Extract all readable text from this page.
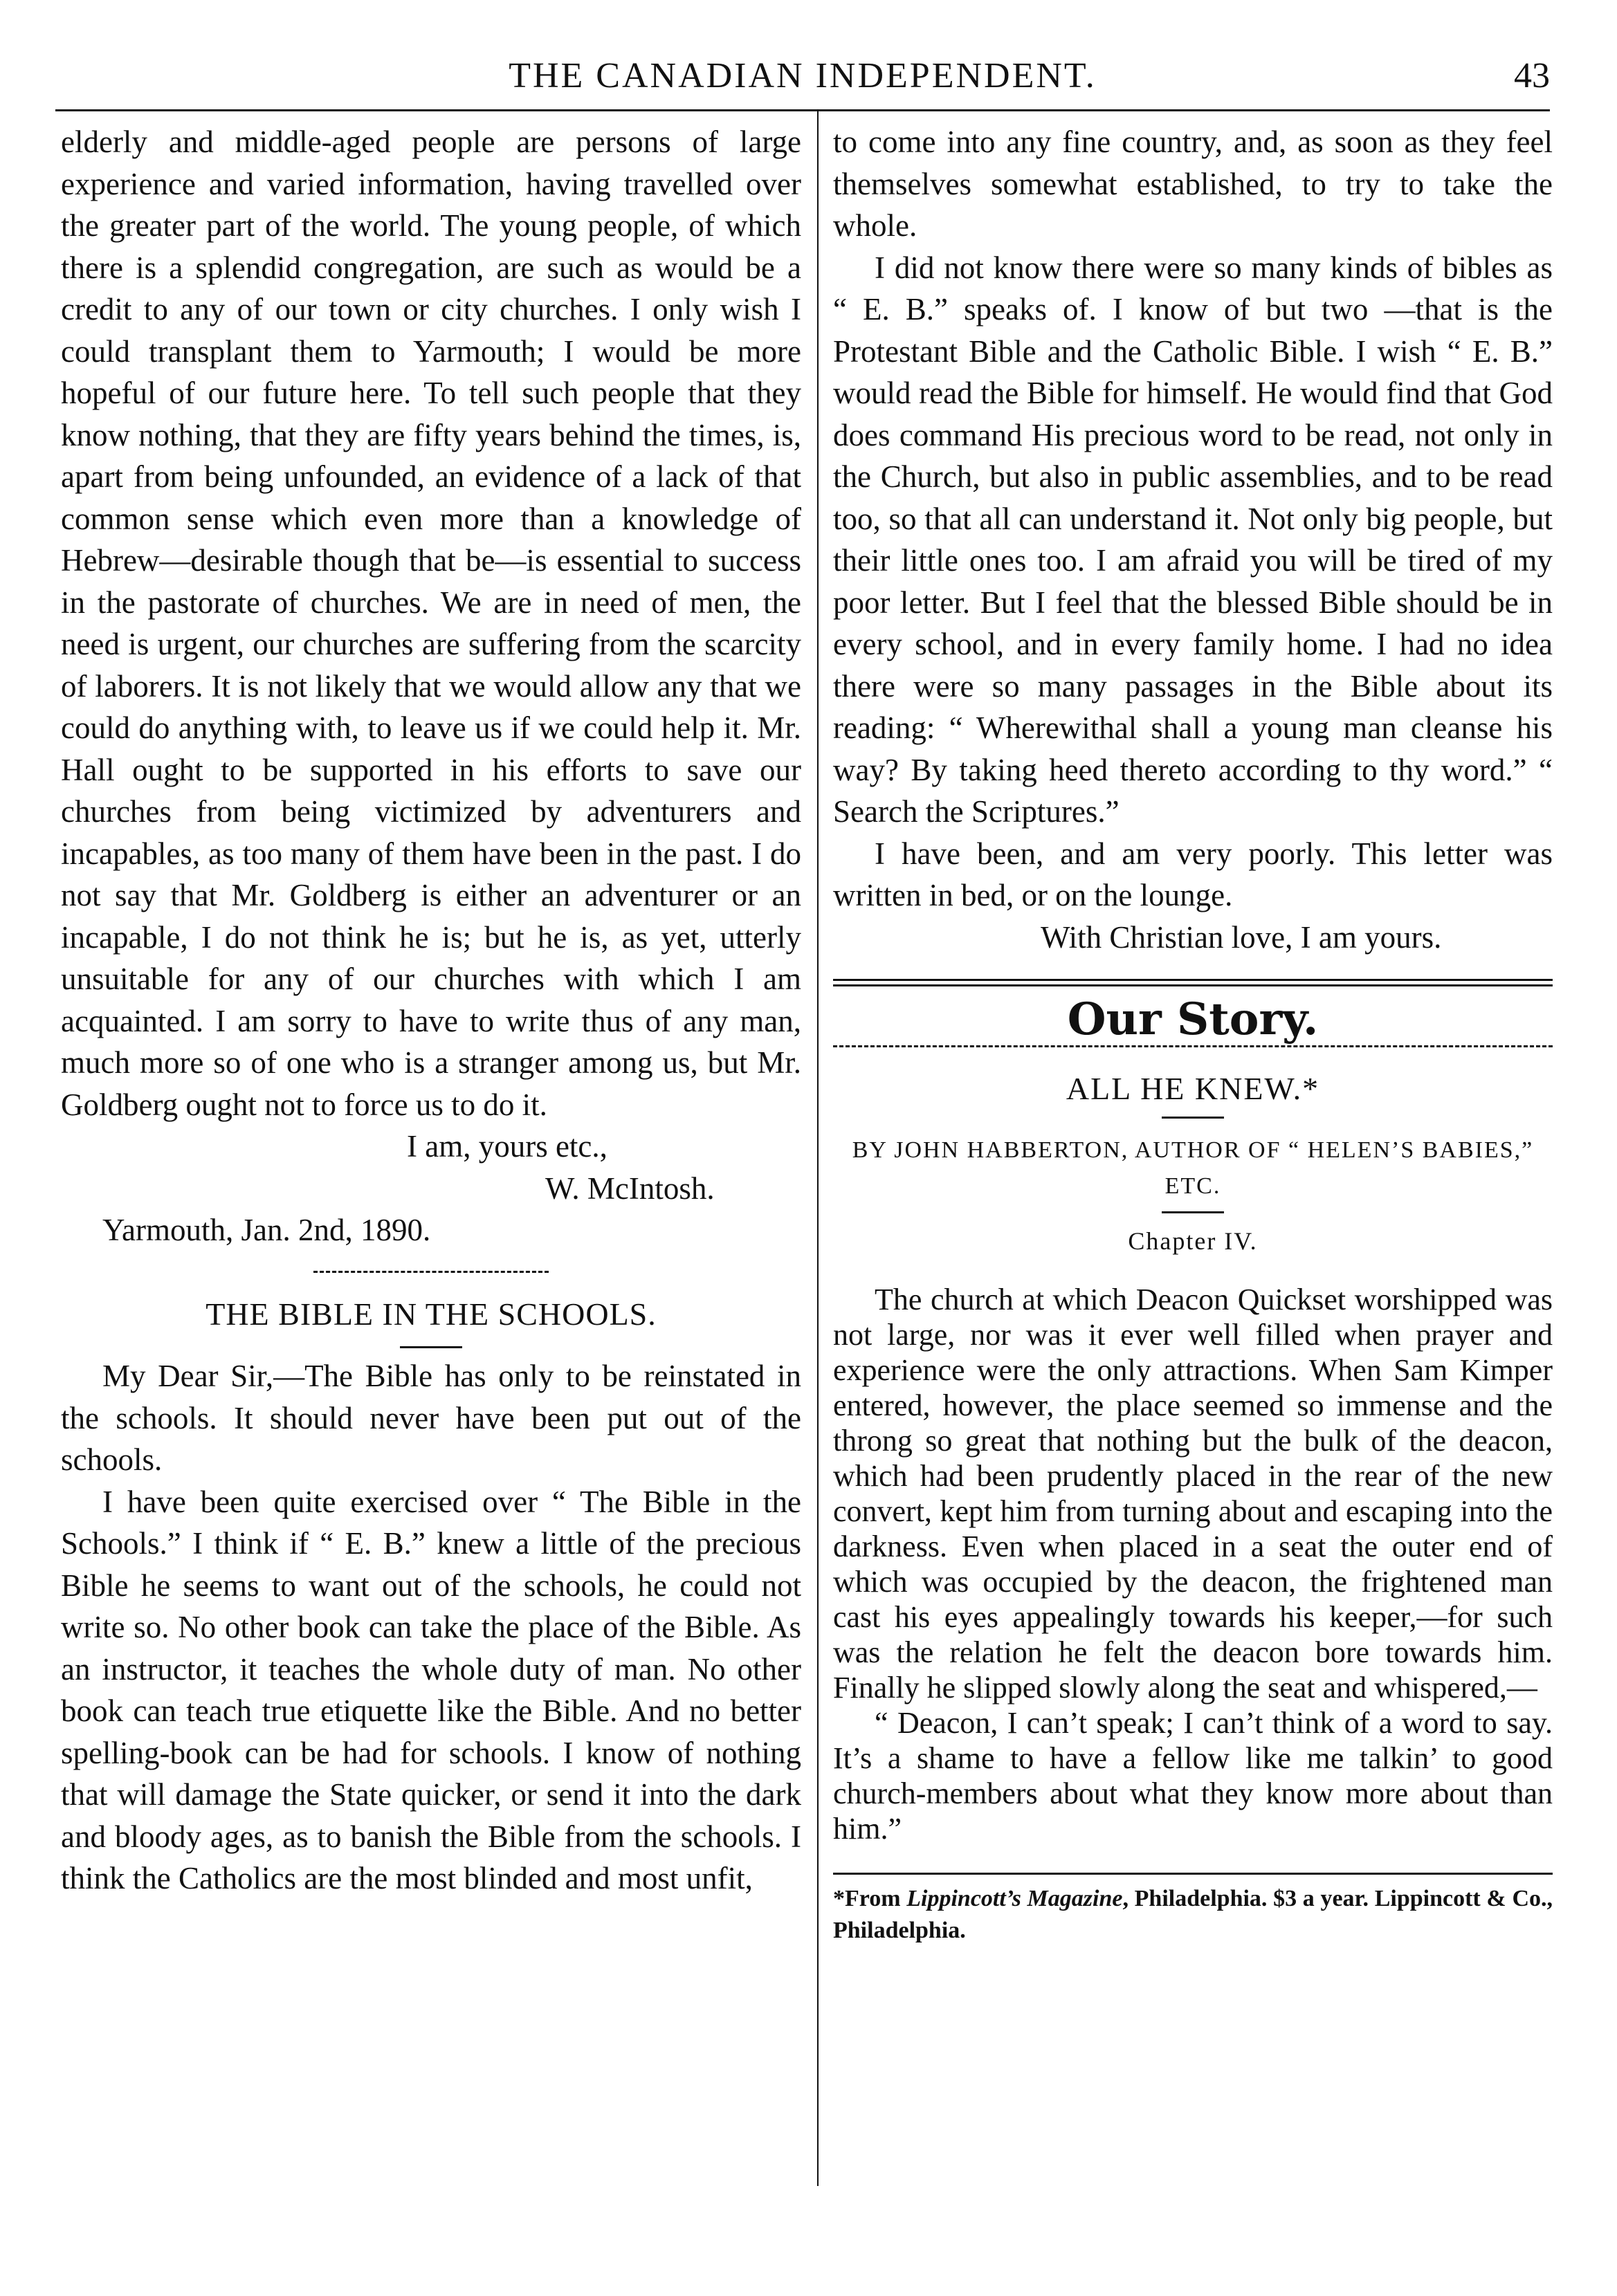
THE CANADIAN INDEPENDENT.	43

elderly and middle-aged people are persons of large experience and varied information, having travelled over the greater part of the world. The young people, of which there is a splendid congregation, are such as would be a credit to any of our town or city churches. I only wish I could transplant them to Yarmouth; I would be more hopeful of our future here. To tell such people that they know nothing, that they are fifty years behind the times, is, apart from being unfounded, an evidence of a lack of that common sense which even more than a knowledge of Hebrew—desirable though that be—is essential to success in the pastorate of churches. We are in need of men, the need is urgent, our churches are suffering from the scarcity of laborers. It is not likely that we would allow any that we could do anything with, to leave us if we could help it. Mr. Hall ought to be supported in his efforts to save our churches from being victimized by adventurers and incapables, as too many of them have been in the past. I do not say that Mr. Goldberg is either an adventurer or an incapable, I do not think he is; but he is, as yet, utterly unsuitable for any of our churches with which I am acquainted. I am sorry to have to write thus of any man, much more so of one who is a stranger among us, but Mr. Goldberg ought not to force us to do it.

I am, yours etc.,

W. McIntosh.

Yarmouth, Jan. 2nd, 1890.

THE BIBLE IN THE SCHOOLS.

My Dear Sir,—The Bible has only to be reinstated in the schools. It should never have been put out of the schools.

I have been quite exercised over “ The Bible in the Schools.” I think if “ E. B.” knew a little of the precious Bible he seems to want out of the schools, he could not write so. No other book can take the place of the Bible. As an instructor, it teaches the whole duty of man. No other book can teach true etiquette like the Bible. And no better spelling-book can be had for schools. I know of nothing that will damage the State quicker, or send it into the dark and bloody ages, as to banish the Bible from the schools. I think the Catholics are the most blinded and most unfit,

to come into any fine country, and, as soon as they feel themselves somewhat established, to try to take the whole.

I did not know there were so many kinds of bibles as “ E. B.” speaks of. I know of but two —that is the Protestant Bible and the Catholic Bible. I wish “ E. B.” would read the Bible for himself. He would find that God does command His precious word to be read, not only in the Church, but also in public assemblies, and to be read too, so that all can understand it. Not only big people, but their little ones too. I am afraid you will be tired of my poor letter. But I feel that the blessed Bible should be in every school, and in every family home. I had no idea there were so many passages in the Bible about its reading: “ Wherewithal shall a young man cleanse his way? By taking heed thereto according to thy word.” “ Search the Scriptures.”

I have been, and am very poorly. This letter was written in bed, or on the lounge.

With Christian love, I am yours.

Our Story.
ALL HE KNEW.*
BY JOHN HABBERTON, AUTHOR OF “ HELEN’S BABIES,” ETC.
Chapter IV.

The church at which Deacon Quickset worshipped was not large, nor was it ever well filled when prayer and experience were the only attractions. When Sam Kimper entered, however, the place seemed so immense and the throng so great that nothing but the bulk of the deacon, which had been prudently placed in the rear of the new convert, kept him from turning about and escaping into the darkness. Even when placed in a seat the outer end of which was occupied by the deacon, the frightened man cast his eyes appealingly towards his keeper,—for such was the relation he felt the deacon bore towards him. Finally he slipped slowly along the seat and whispered,—

“ Deacon, I can’t speak; I can’t think of a word to say. It’s a shame to have a fellow like me talkin’ to good church-members about what they know more about than him.”

*From Lippincott’s Magazine, Philadelphia. $3 a year. Lippincott & Co., Philadelphia.
